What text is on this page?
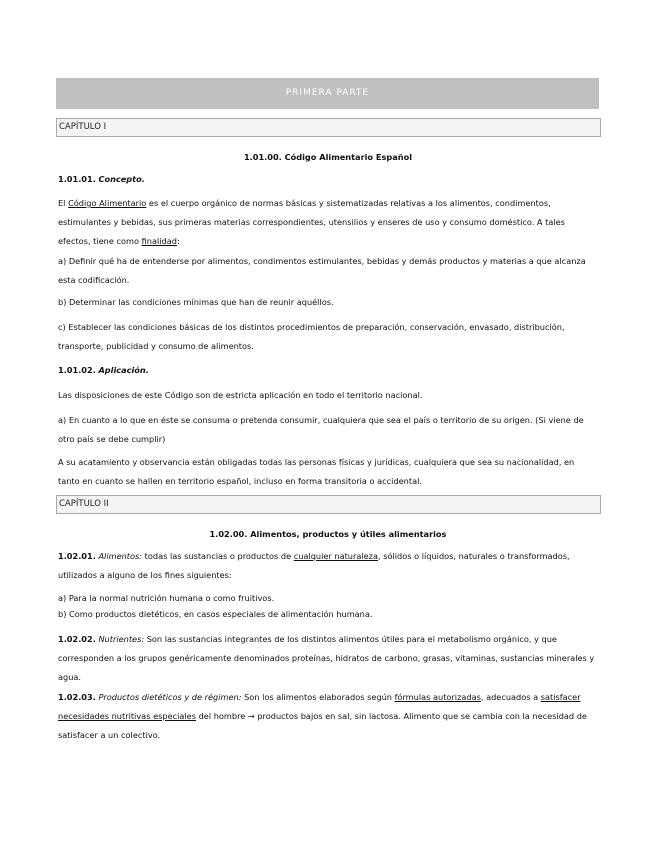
PRIMERA PARTE
CAPÍTULO I
1.01.00. Código Alimentario Español
1.01.01. Concepto.
El Código Alimentario es el cuerpo orgánico de normas básicas y sistematizadas relativas a los alimentos, condimentos, estimulantes y bebidas, sus primeras materias correspondientes, utensilios y enseres de uso y consumo doméstico. A tales efectos, tiene como finalidad:
a) Definir qué ha de entenderse por alimentos, condimentos estimulantes, bebidas y demás productos y materias a que alcanza esta codificación.
b) Determinar las condiciones mínimas que han de reunir aquéllos.
c) Establecer las condiciones básicas de los distintos procedimientos de preparación, conservación, envasado, distribución, transporte, publicidad y consumo de alimentos.
1.01.02. Aplicación.
Las disposiciones de este Código son de estricta aplicación en todo el territorio nacional.
a) En cuanto a lo que en éste se consuma o pretenda consumir, cualquiera que sea el país o territorio de su origen. (Si viene de otro país se debe cumplir)
A su acatamiento y observancia están obligadas todas las personas físicas y jurídicas, cualquiera que sea su nacionalidad, en tanto en cuanto se hallen en territorio español, incluso en forma transitoria o accidental.
CAPÍTULO II
1.02.00. Alimentos, productos y útiles alimentarios
1.02.01. Alimentos: todas las sustancias o productos de cualquier naturaleza, sólidos o líquidos, naturales o transformados, utilizados a alguno de los fines siguientes:
a) Para la normal nutrición humana o como fruitivos.
b) Como productos dietéticos, en casos especiales de alimentación humana.
1.02.02. Nutrientes: Son las sustancias integrantes de los distintos alimentos útiles para el metabolismo orgánico, y que corresponden a los grupos genéricamente denominados proteínas, hidratos de carbono, grasas, vitaminas, sustancias minerales y agua.
1.02.03. Productos dietéticos y de régimen: Son los alimentos elaborados según fórmulas autorizadas, adecuados a satisfacer necesidades nutritivas especiales del hombre → productos bajos en sal, sin lactosa. Alimento que se cambia con la necesidad de satisfacer a un colectivo.
